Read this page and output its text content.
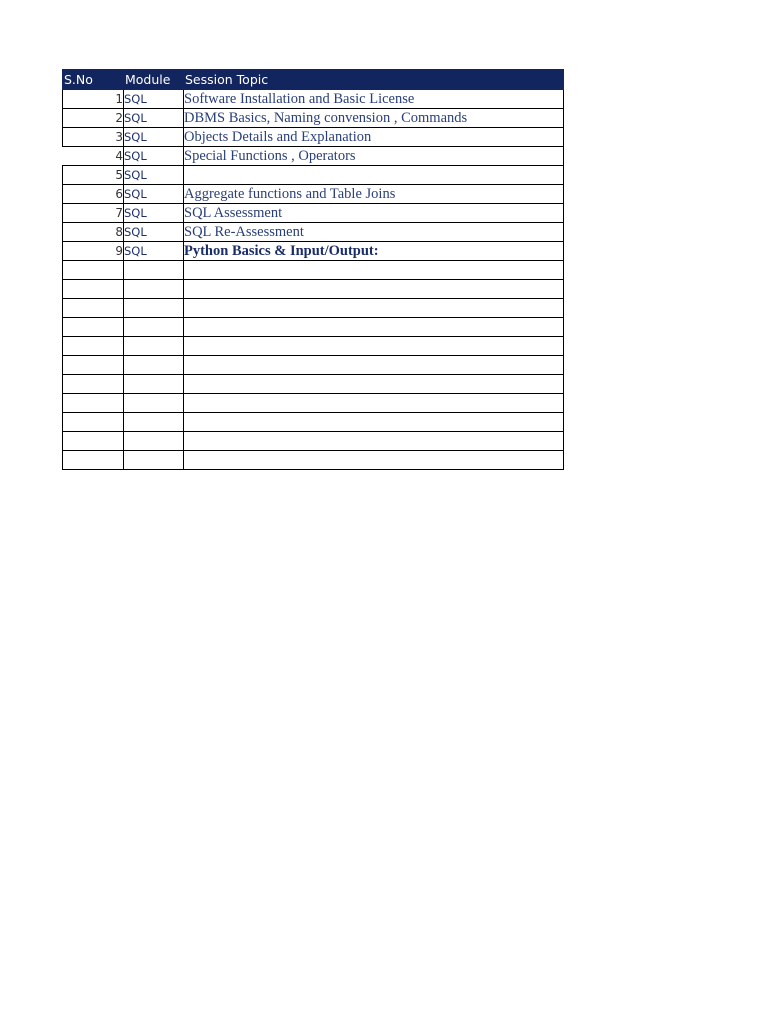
S.No	Module	Session Topic
1	SQL	Software Installation and Basic License
2	SQL	DBMS Basics, Naming convension , Commands
3	SQL	Objects Details and Explanation
4	SQL	Special Functions , Operators
5	SQL	
6	SQL	Aggregate functions and Table Joins
7	SQL	SQL Assessment
8	SQL	SQL Re-Assessment
9	SQL	Python Basics & Input/Output:
